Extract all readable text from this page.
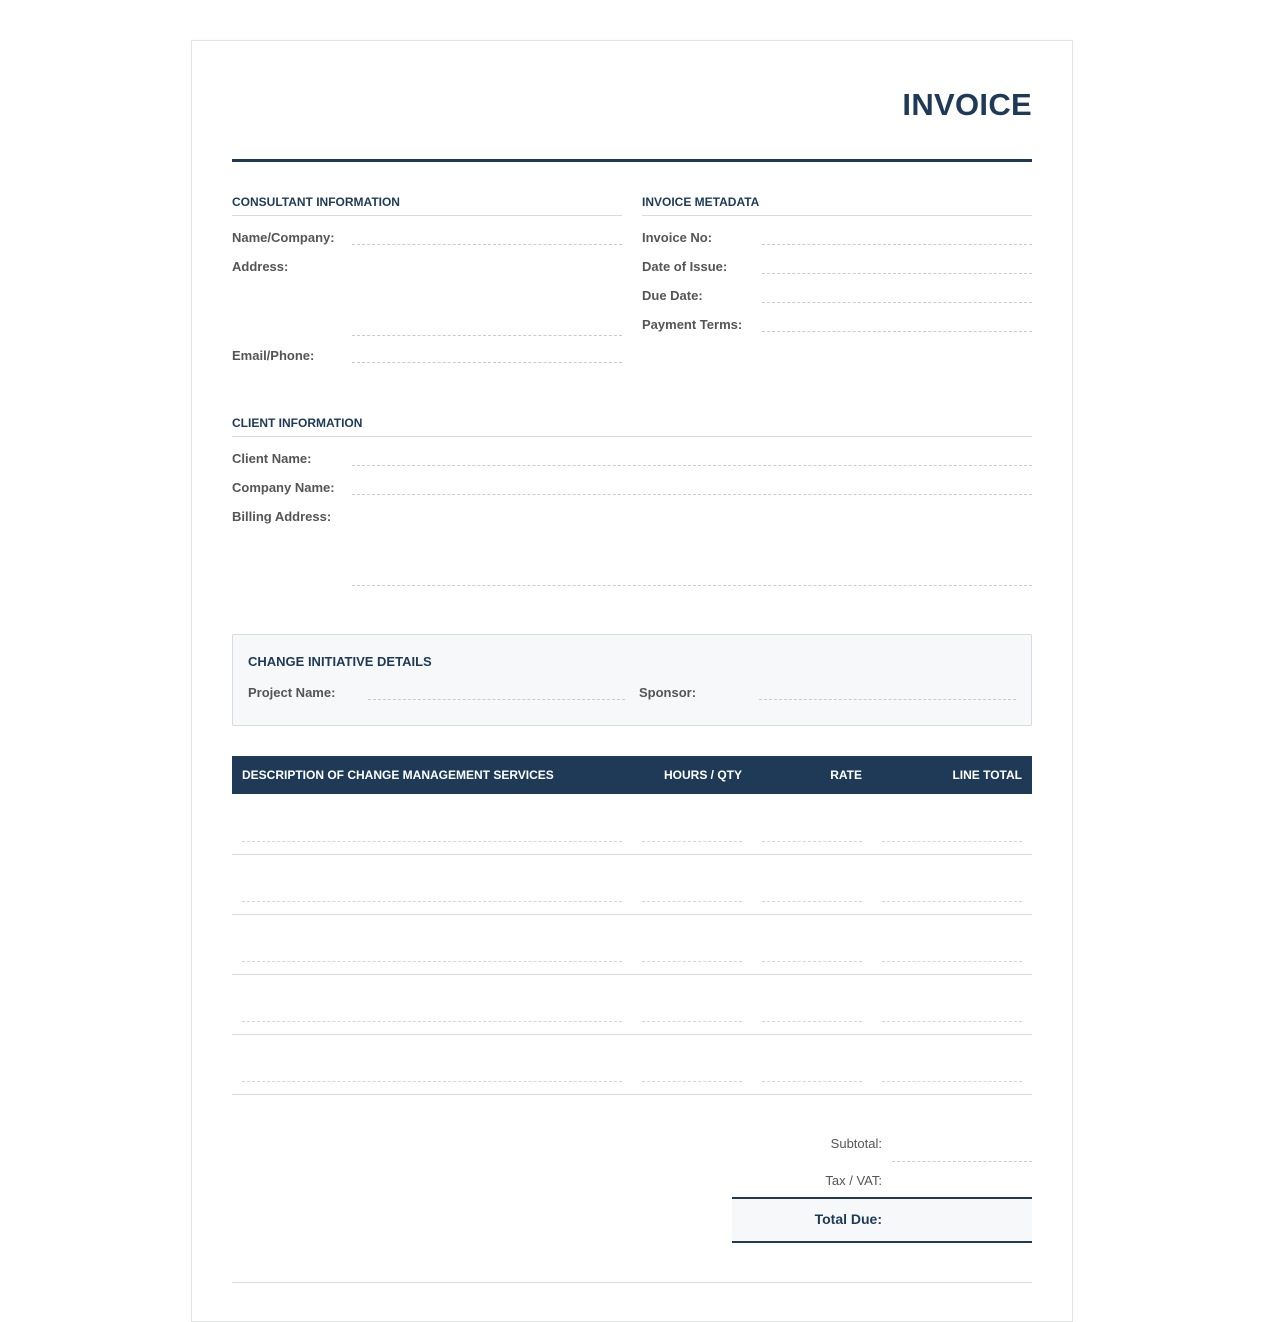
INVOICE
CONSULTANT INFORMATION
Name/Company:
Address:
Email/Phone:
INVOICE METADATA
Invoice No:
Date of Issue:
Due Date:
Payment Terms:
CLIENT INFORMATION
Client Name:
Company Name:
Billing Address:
CHANGE INITIATIVE DETAILS
Project Name:	Sponsor:
DESCRIPTION OF CHANGE MANAGEMENT SERVICES	HOURS / QTY	RATE	LINE TOTAL
Subtotal:
Tax / VAT:
Total Due:
